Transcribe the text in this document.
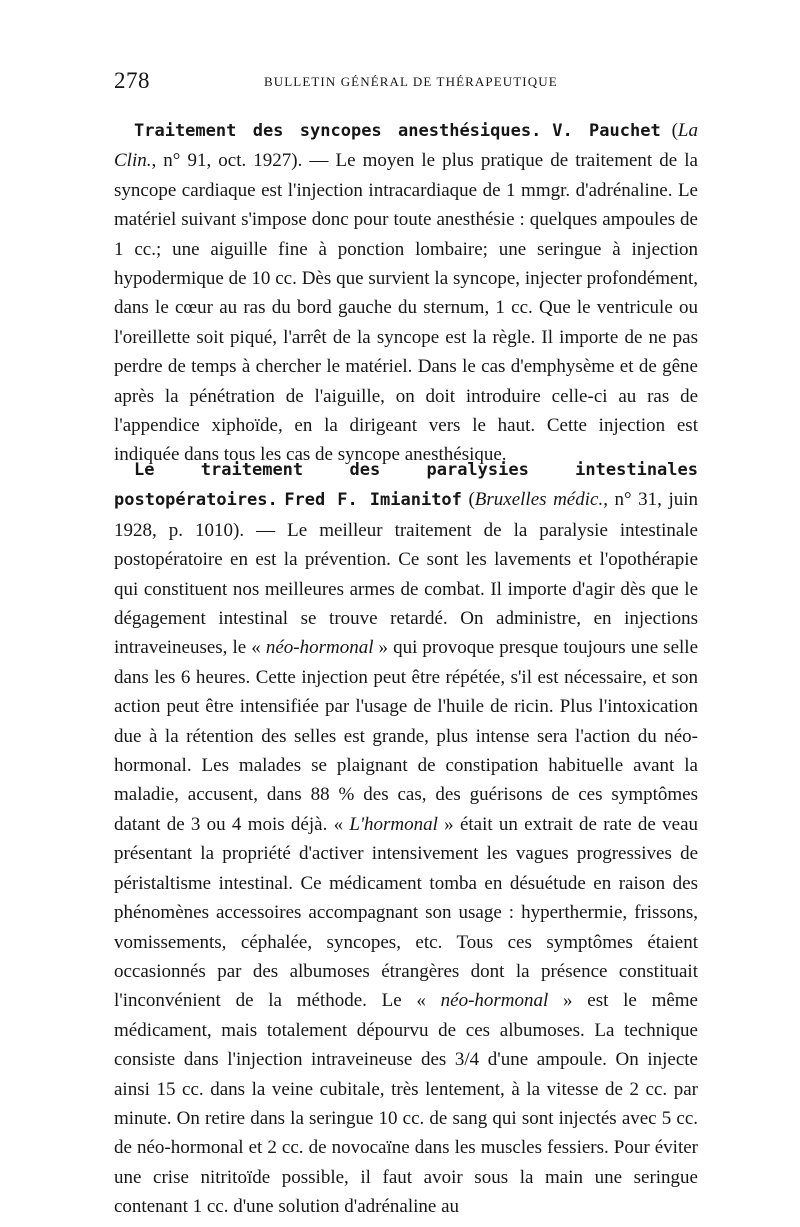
278	BULLETIN GÉNÉRAL DE THÉRAPEUTIQUE

Traitement des syncopes anesthésiques. V. Pauchet (La Clin., n° 91, oct. 1927). — Le moyen le plus pratique de traitement de la syncope cardiaque est l'injection intracardiaque de 1 mmgr. d'adrénaline. Le matériel suivant s'impose donc pour toute anesthésie : quelques ampoules de 1 cc.; une aiguille fine à ponction lombaire; une seringue à injection hypodermique de 10 cc. Dès que survient la syncope, injecter profondément, dans le cœur au ras du bord gauche du sternum, 1 cc. Que le ventricule ou l'oreillette soit piqué, l'arrêt de la syncope est la règle. Il importe de ne pas perdre de temps à chercher le matériel. Dans le cas d'emphysème et de gêne après la pénétration de l'aiguille, on doit introduire celle-ci au ras de l'appendice xiphoïde, en la dirigeant vers le haut. Cette injection est indiquée dans tous les cas de syncope anesthésique.

Le traitement des paralysies intestinales postopératoires. Fred F. Imianitof (Bruxelles médic., n° 31, juin 1928, p. 1010). — Le meilleur traitement de la paralysie intestinale postopératoire en est la prévention. Ce sont les lavements et l'opothérapie qui constituent nos meilleures armes de combat. Il importe d'agir dès que le dégagement intestinal se trouve retardé. On administre, en injections intraveineuses, le « néo-hormonal » qui provoque presque toujours une selle dans les 6 heures. Cette injection peut être répétée, s'il est nécessaire, et son action peut être intensifiée par l'usage de l'huile de ricin. Plus l'intoxication due à la rétention des selles est grande, plus intense sera l'action du néo-hormonal. Les malades se plaignant de constipation habituelle avant la maladie, accusent, dans 88 % des cas, des guérisons de ces symptômes datant de 3 ou 4 mois déjà. « L'hormonal » était un extrait de rate de veau présentant la propriété d'activer intensivement les vagues progressives de péristaltisme intestinal. Ce médicament tomba en désuétude en raison des phénomènes accessoires accompagnant son usage : hyperthermie, frissons, vomissements, céphalée, syncopes, etc. Tous ces symptômes étaient occasionnés par des albumoses étrangères dont la présence constituait l'inconvénient de la méthode. Le « néo-hormonal » est le même médicament, mais totalement dépourvu de ces albumoses. La technique consiste dans l'injection intraveineuse des 3/4 d'une ampoule. On injecte ainsi 15 cc. dans la veine cubitale, très lentement, à la vitesse de 2 cc. par minute. On retire dans la seringue 10 cc. de sang qui sont injectés avec 5 cc. de néo-hormonal et 2 cc. de novocaïne dans les muscles fessiers. Pour éviter une crise nitritoïde possible, il faut avoir sous la main une seringue contenant 1 cc. d'une solution d'adrénaline au
